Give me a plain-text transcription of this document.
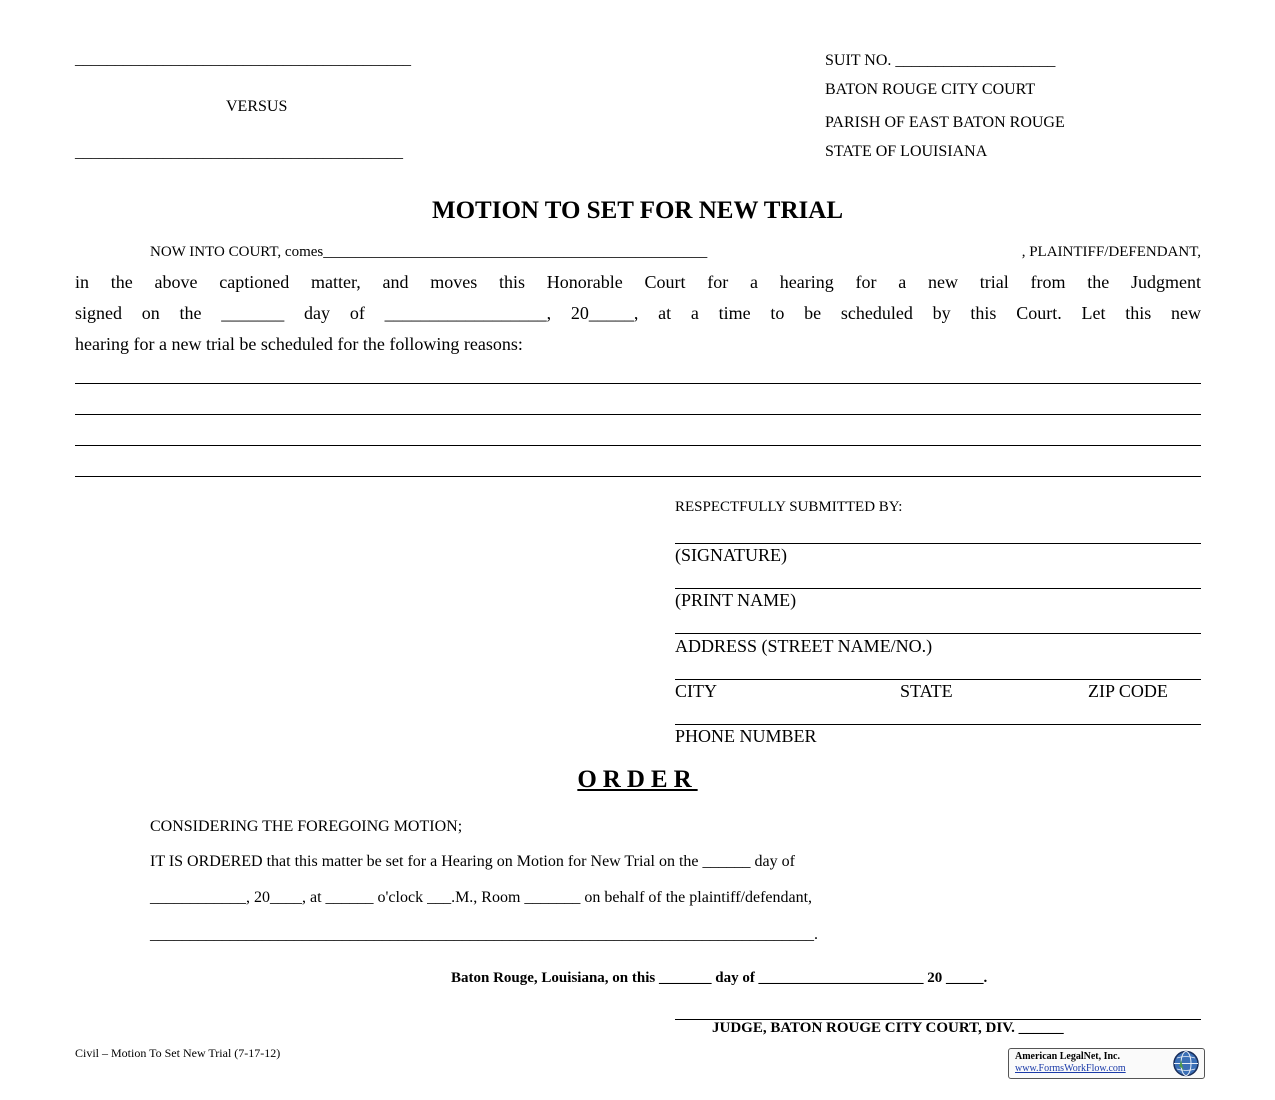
__________________________________________
VERSUS
_________________________________________
SUIT NO. ____________________
BATON ROUGE CITY COURT
PARISH OF EAST BATON ROUGE
STATE OF LOUISIANA
MOTION TO SET FOR NEW TRIAL
NOW INTO COURT, comes ________________________________________________	, PLAINTIFF/DEFENDANT,
in the above captioned matter, and moves this Honorable Court for a hearing for a new trial from the Judgment
signed on the _______ day of __________________, 20_____, at a time to be scheduled by this Court. Let this new
hearing for a new trial be scheduled for the following reasons:
RESPECTFULLY SUBMITTED BY:
(SIGNATURE)
(PRINT NAME)
ADDRESS (STREET NAME/NO.)
CITY	STATE	ZIP CODE
PHONE NUMBER
ORDER
CONSIDERING THE FOREGOING MOTION;
IT IS ORDERED that this matter be set for a Hearing on Motion for New Trial on the ______ day of
____________, 20____, at ______ o'clock ___.M., Room _______ on behalf of the plaintiff/defendant,
___________________________________________________________________________________.
Baton Rouge, Louisiana, on this _______ day of ______________________ 20 _____.
JUDGE, BATON ROUGE CITY COURT, DIV. ______
Civil – Motion To Set New Trial (7-17-12)	American LegalNet, Inc.
www.FormsWorkFlow.com
